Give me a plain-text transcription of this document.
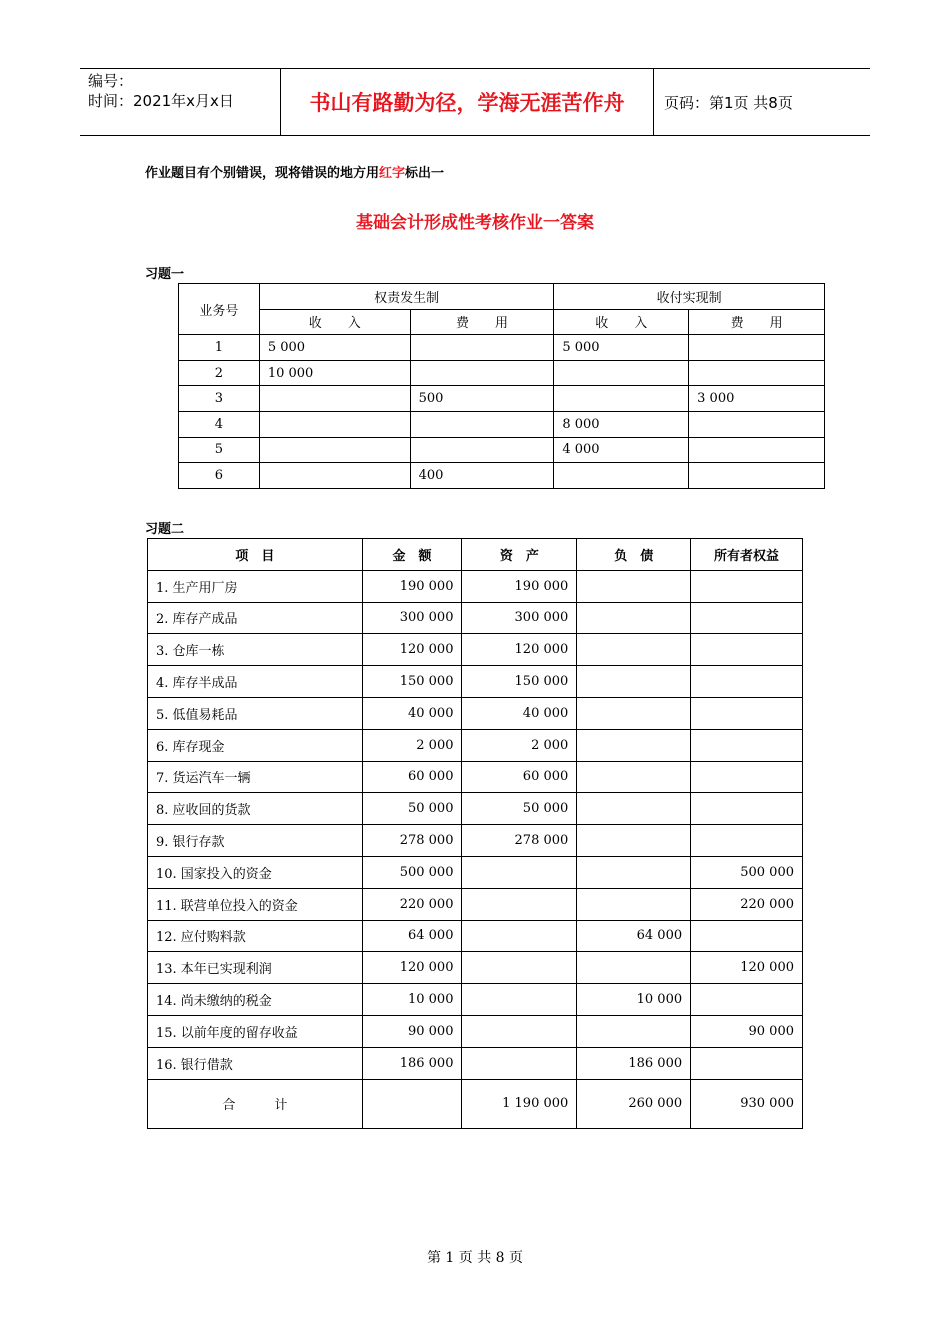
编号：
时间：2021年x月x日	书山有路勤为径，学海无涯苦作舟	页码：第1页 共8页
作业题目有个别错误，现将错误的地方用红字标出一
基础会计形成性考核作业一答案
习题一
业务号	权责发生制		收付实现制	
	收　　入	费　　用	收　　入	费　　用
1	5 000		5 000	
2	10 000			
3		500		3 000
4			8 000	
5			4 000	
6		400		
习题二
项　目	金　额	资　产	负　债	所有者权益
1. 生产用厂房	190 000	190 000		
2. 库存产成品	300 000	300 000		
3. 仓库一栋	120 000	120 000		
4. 库存半成品	150 000	150 000		
5. 低值易耗品	40 000	40 000		
6. 库存现金	2 000	2 000		
7. 货运汽车一辆	60 000	60 000		
8. 应收回的货款	50 000	50 000		
9. 银行存款	278 000	278 000		
10. 国家投入的资金	500 000			500 000
11. 联营单位投入的资金	220 000			220 000
12. 应付购料款	64 000		64 000	
13. 本年已实现利润	120 000			120 000
14. 尚未缴纳的税金	10 000		10 000	
15. 以前年度的留存收益	90 000			90 000
16. 银行借款	186 000		186 000	
合　　　计		1 190 000	260 000	930 000
第 1 页 共 8 页
